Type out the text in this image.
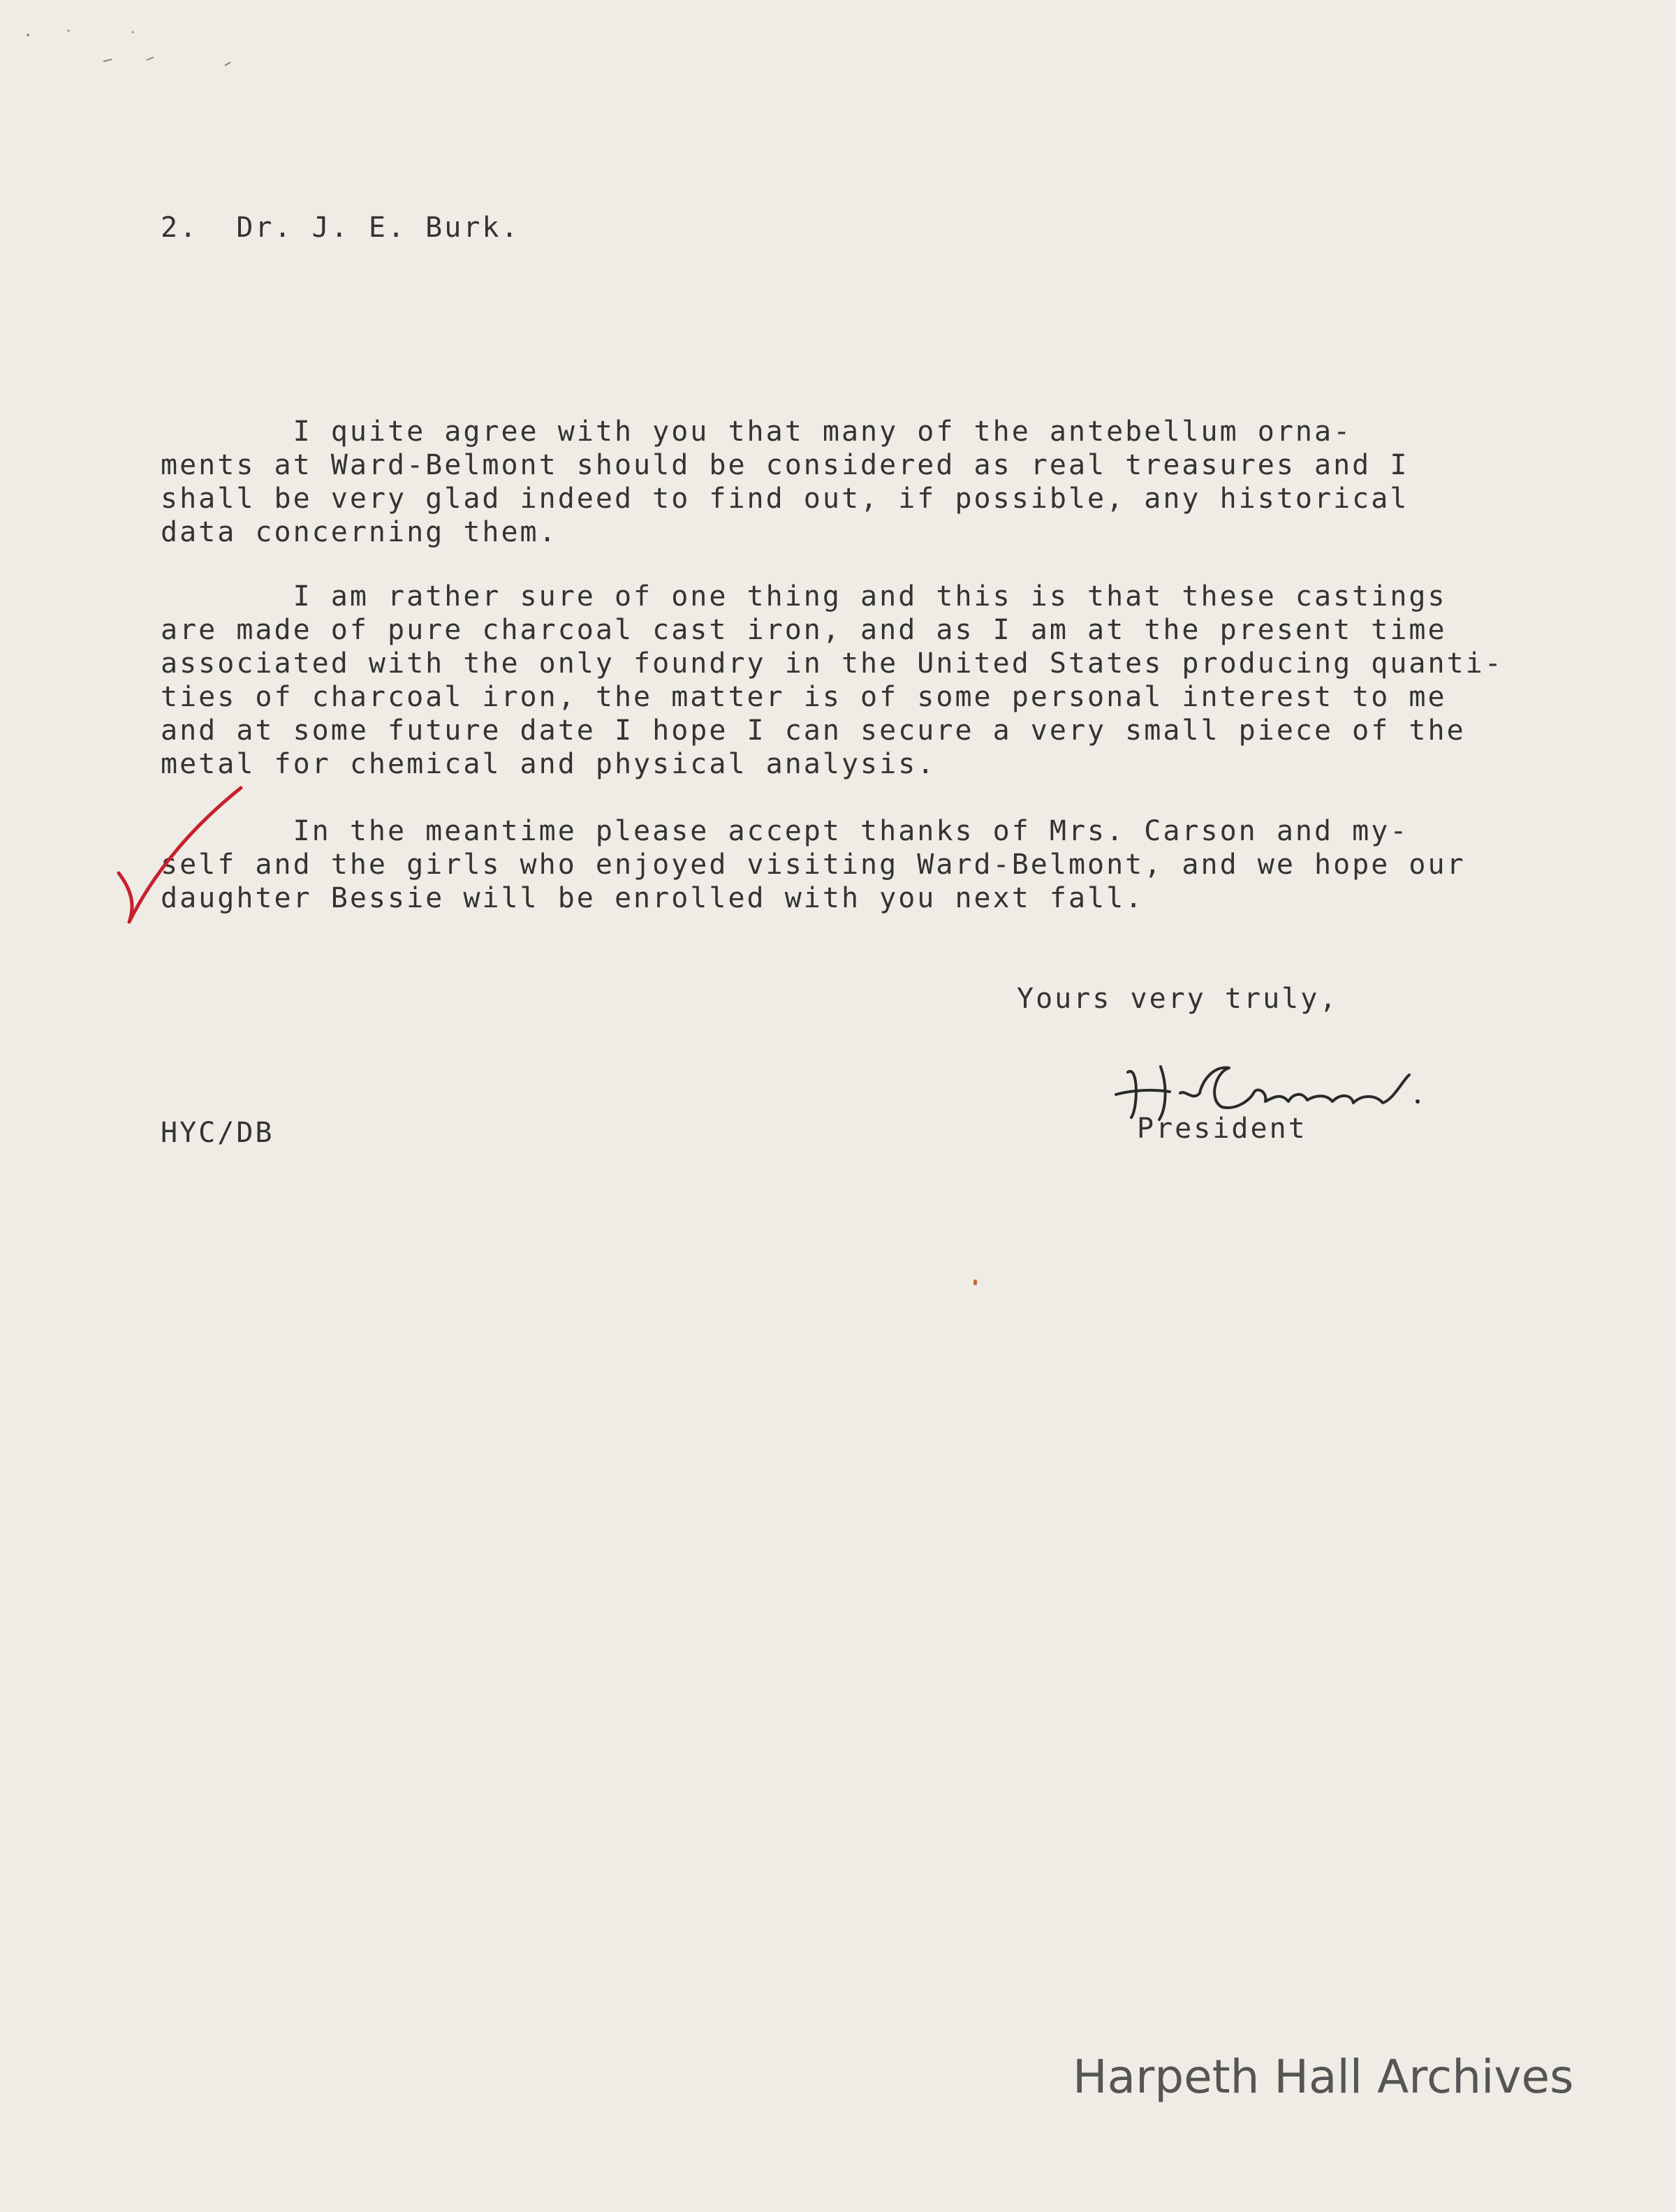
2.  Dr. J. E. Burk.
I quite agree with you that many of the antebellum orna-
ments at Ward-Belmont should be considered as real treasures and I
shall be very glad indeed to find out, if possible, any historical
data concerning them.
I am rather sure of one thing and this is that these castings
are made of pure charcoal cast iron, and as I am at the present time
associated with the only foundry in the United States producing quanti-
ties of charcoal iron, the matter is of some personal interest to me
and at some future date I hope I can secure a very small piece of the
metal for chemical and physical analysis.
In the meantime please accept thanks of Mrs. Carson and my-
self and the girls who enjoyed visiting Ward-Belmont, and we hope our
daughter Bessie will be enrolled with you next fall.
Yours very truly,
President
HYC/DB
Harpeth Hall Archives
